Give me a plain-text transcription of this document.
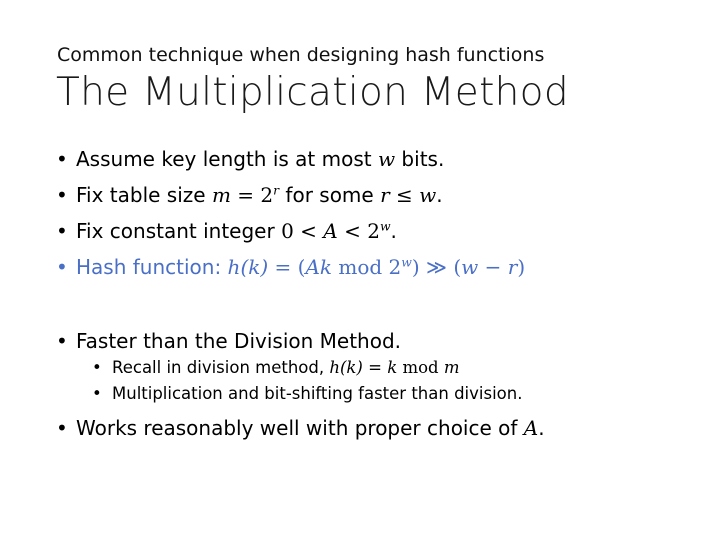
Common technique when designing hash functions
The Multiplication Method
• Assume key length is at most w bits.
• Fix table size $m = 2^r$ for some r ≤ w.
• Fix constant integer $0 < A < 2^w$.
• Hash function: h(k) = (Ak mod 2$^w$) ≫ (w − r)
• Faster than the Division Method.
• Recall in division method, h(k) = k mod m
• Multiplication and bit-shifting faster than division.
• Works reasonably well with proper choice of A.
